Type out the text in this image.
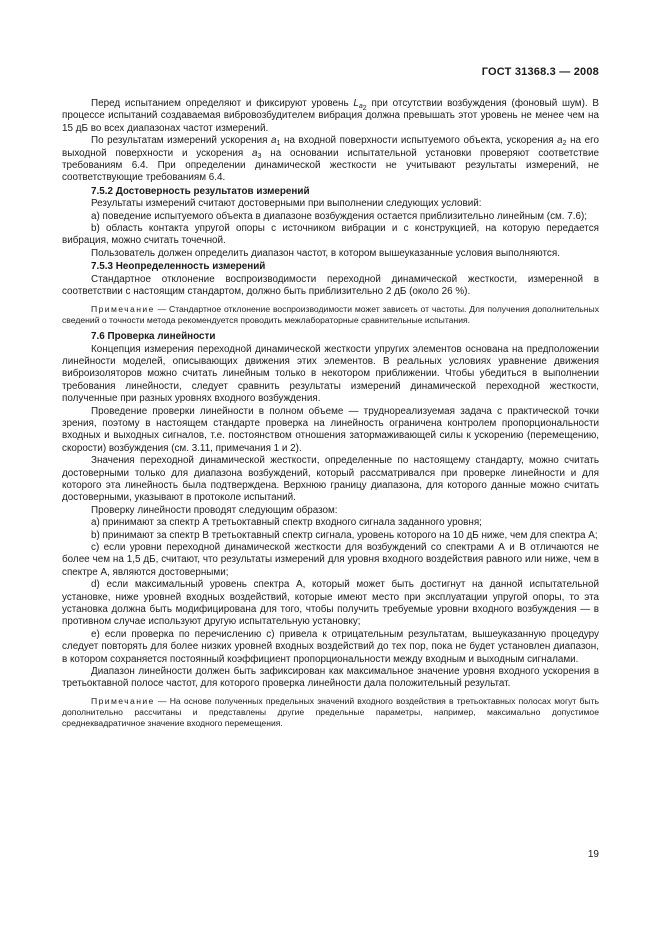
ГОСТ 31368.3 — 2008

Перед испытанием определяют и фиксируют уровень $L_{a_2}$ при отсутствии возбуждения (фоновый шум). В процессе испытаний создаваемая вибровозбудителем вибрация должна превышать этот уровень не менее чем на 15 дБ во всех диапазонах частот измерений.

По результатам измерений ускорения $a_1$ на входной поверхности испытуемого объекта, ускорения $a_2$ на его выходной поверхности и ускорения $a_3$ на основании испытательной установки проверяют соответствие требованиям 6.4. При определении динамической жесткости не учитывают результаты измерений, не соответствующие требованиям 6.4.

7.5.2 Достоверность результатов измерений

Результаты измерений считают достоверными при выполнении следующих условий:

а) поведение испытуемого объекта в диапазоне возбуждения остается приблизительно линейным (см. 7.6);

b) область контакта упругой опоры с источником вибрации и с конструкцией, на которую передается вибрация, можно считать точечной.

Пользователь должен определить диапазон частот, в котором вышеуказанные условия выполняются.

7.5.3 Неопределенность измерений

Стандартное отклонение воспроизводимости переходной динамической жесткости, измеренной в соответствии с настоящим стандартом, должно быть приблизительно 2 дБ (около 26 %).

Примечание — Стандартное отклонение воспроизводимости может зависеть от частоты. Для получения дополнительных сведений о точности метода рекомендуется проводить межлабораторные сравнительные испытания.

7.6 Проверка линейности

Концепция измерения переходной динамической жесткости упругих элементов основана на предположении линейности моделей, описывающих движения этих элементов. В реальных условиях уравнение движения виброизоляторов можно считать линейным только в некотором приближении. Чтобы убедиться в выполнении требования линейности, следует сравнить результаты измерений динамической переходной жесткости, полученные при разных уровнях входного возбуждения.

Проведение проверки линейности в полном объеме — труднореализуемая задача с практической точки зрения, поэтому в настоящем стандарте проверка на линейность ограничена контролем пропорциональности входных и выходных сигналов, т.е. постоянством отношения затормаживающей силы к ускорению (перемещению, скорости) возбуждения (см. 3.11, примечания 1 и 2).

Значения переходной динамической жесткости, определенные по настоящему стандарту, можно считать достоверными только для диапазона возбуждений, который рассматривался при проверке линейности и для которого эта линейность была подтверждена. Верхнюю границу диапазона, для которого данные можно считать достоверными, указывают в протоколе испытаний.

Проверку линейности проводят следующим образом:

а) принимают за спектр А третьоктавный спектр входного сигнала заданного уровня;

b) принимают за спектр В третьоктавный спектр сигнала, уровень которого на 10 дБ ниже, чем для спектра А;

с) если уровни переходной динамической жесткости для возбуждений со спектрами А и В отличаются не более чем на 1,5 дБ, считают, что результаты измерений для уровня входного воздействия равного или ниже, чем в спектре А, являются достоверными;

d) если максимальный уровень спектра А, который может быть достигнут на данной испытательной установке, ниже уровней входных воздействий, которые имеют место при эксплуатации упругой опоры, то эта установка должна быть модифицирована для того, чтобы получить требуемые уровни входного возбуждения — в противном случае используют другую испытательную установку;

е) если проверка по перечислению с) привела к отрицательным результатам, вышеуказанную процедуру следует повторять для более низких уровней входных воздействий до тех пор, пока не будет установлен диапазон, в котором сохраняется постоянный коэффициент пропорциональности между входным и выходным сигналами.

Диапазон линейности должен быть зафиксирован как максимальное значение уровня входного ускорения в третьоктавной полосе частот, для которого проверка линейности дала положительный результат.

Примечание — На основе полученных предельных значений входного воздействия в третьоктавных полосах могут быть дополнительно рассчитаны и представлены другие предельные параметры, например, максимально допустимое среднеквадратичное значение входного перемещения.

19
